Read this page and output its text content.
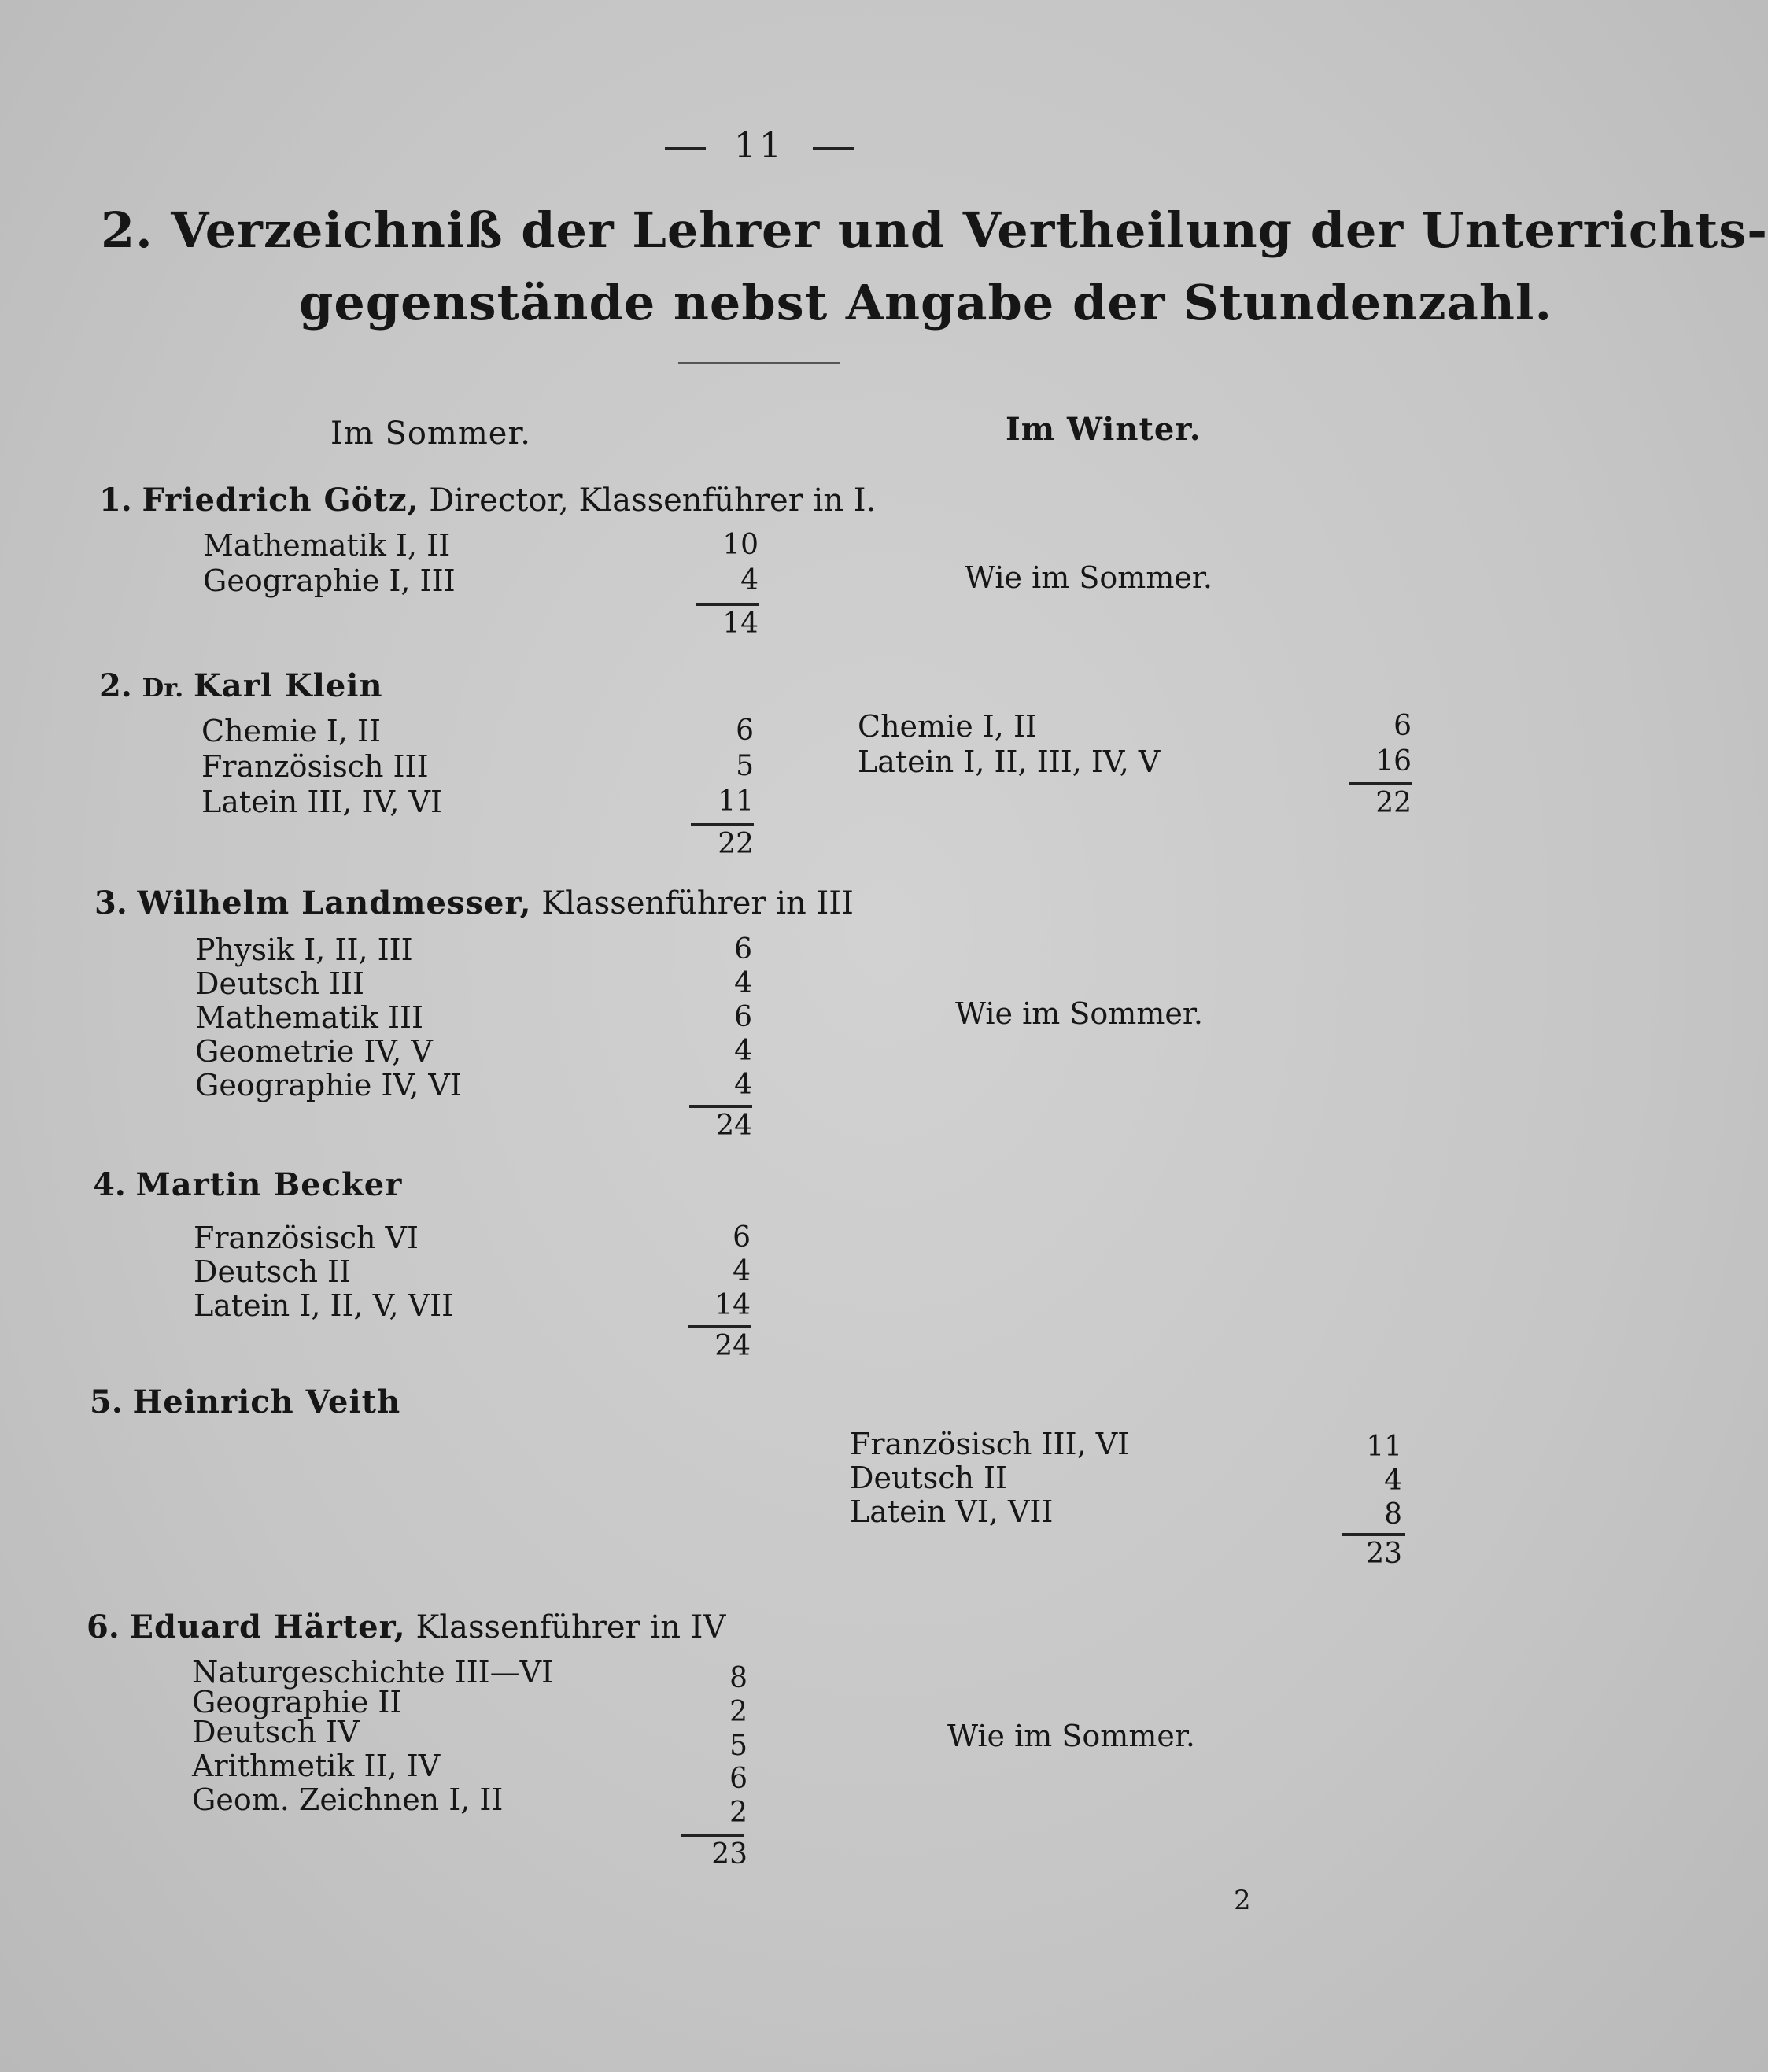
11
2. Verzeichniß der Lehrer und Vertheilung der Unterrichts-
gegenstände nebst Angabe der Stundenzahl.
Im Sommer.	Im Winter.
1. Friedrich Götz, Director, Klassenführer in I.
Mathematik I, II	10
Geographie I, III	4
14
Wie im Sommer.
2. Dr. Karl Klein
Chemie I, II	6
Französisch III	5
Latein III, IV, VI	11
22
Chemie I, II	6
Latein I, II, III, IV, V	16
22
3. Wilhelm Landmesser, Klassenführer in III
Physik I, II, III	6
Deutsch III	4
Mathematik III	6
Geometrie IV, V	4
Geographie IV, VI	4
24
Wie im Sommer.
4. Martin Becker
Französisch VI	6
Deutsch II	4
Latein I, II, V, VII	14
24
5. Heinrich Veith
Französisch III, VI	11
Deutsch II	4
Latein VI, VII	8
23
6. Eduard Härter, Klassenführer in IV
Naturgeschichte III—VI	8
Geographie II	2
Deutsch IV	5
Arithmetik II, IV	6
Geom. Zeichnen I, II	2
23
Wie im Sommer.
2
